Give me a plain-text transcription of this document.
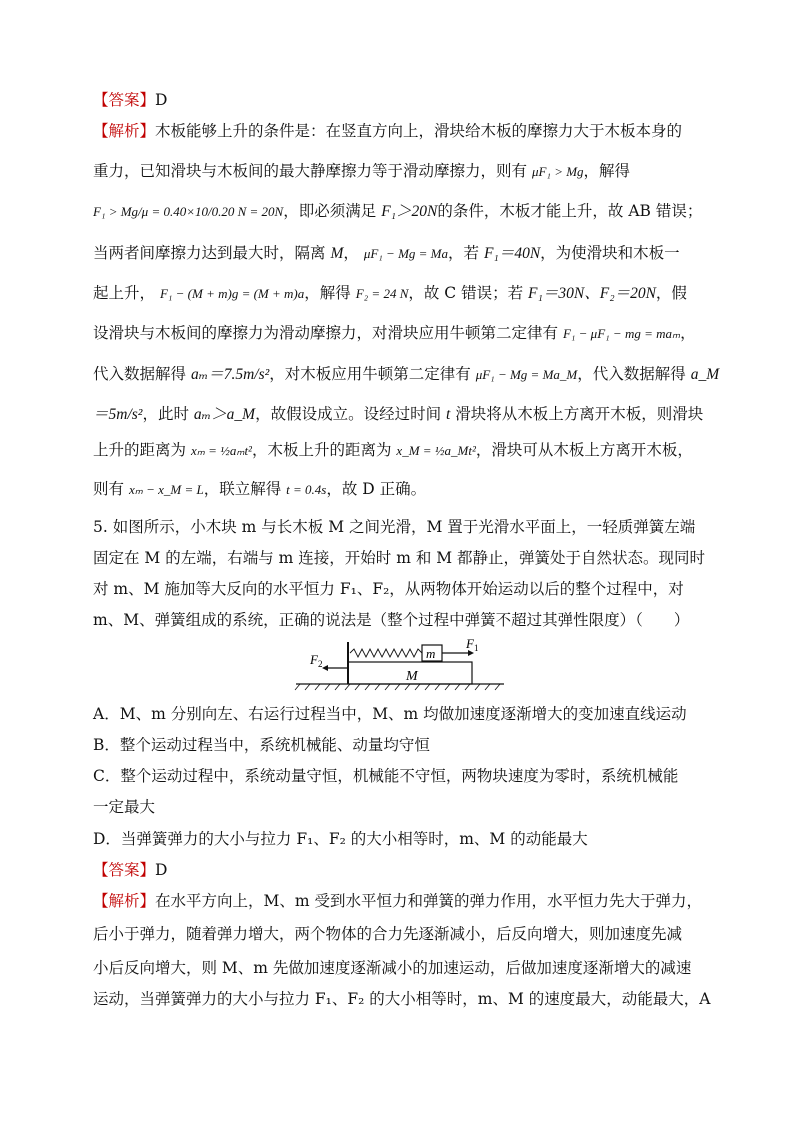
【答案】D
【解析】木板能够上升的条件是：在竖直方向上，滑块给木板的摩擦力大于木板本身的
重力，已知滑块与木板间的最大静摩擦力等于滑动摩擦力，则有 μF₁ > Mg，解得
F₁ > Mg/μ = 0.40×10/0.20 N = 20N，即必须满足 F₁＞20N的条件，木板才能上升，故 AB 错误；
当两者间摩擦力达到最大时，隔离 M， μF₁ − Mg = Ma，若 F₁＝40N，为使滑块和木板一
起上升， F₁ − (M + m)g = (M + m)a，解得 F₂ = 24 N，故 C 错误；若 F₁＝30N、F₂＝20N，假
设滑块与木板间的摩擦力为滑动摩擦力，对滑块应用牛顿第二定律有 F₁ − μF₁ − mg = maₘ，
代入数据解得 aₘ＝7.5m/s²，对木板应用牛顿第二定律有 μF₁ − Mg = Ma_M，代入数据解得 a_M
＝5m/s²，此时 aₘ＞a_M，故假设成立。设经过时间 t 滑块将从木板上方离开木板，则滑块
上升的距离为 xₘ = ½aₘt²，木板上升的距离为 x_M = ½a_Mt²，滑块可从木板上方离开木板，
则有 xₘ − x_M = L，联立解得 t = 0.4s，故 D 正确。
5. 如图所示，小木块 m 与长木板 M 之间光滑，M 置于光滑水平面上，一轻质弹簧左端
固定在 M 的左端，右端与 m 连接，开始时 m 和 M 都静止，弹簧处于自然状态。现同时
对 m、M 施加等大反向的水平恒力 F₁、F₂，从两物体开始运动以后的整个过程中，对
m、M、弹簧组成的系统，正确的说法是（整个过程中弹簧不超过其弹性限度）（　　）
m
M
$F_1$
$F_2$
A．M、m 分别向左、右运行过程当中，M、m 均做加速度逐渐增大的变加速直线运动
B．整个运动过程当中，系统机械能、动量均守恒
C．整个运动过程中，系统动量守恒，机械能不守恒，两物块速度为零时，系统机械能
一定最大
D．当弹簧弹力的大小与拉力 F₁、F₂ 的大小相等时，m、M 的动能最大
【答案】D
【解析】在水平方向上，M、m 受到水平恒力和弹簧的弹力作用，水平恒力先大于弹力，
后小于弹力，随着弹力增大，两个物体的合力先逐渐减小，后反向增大，则加速度先减
小后反向增大，则 M、m 先做加速度逐渐减小的加速运动，后做加速度逐渐增大的减速
运动，当弹簧弹力的大小与拉力 F₁、F₂ 的大小相等时，m、M 的速度最大，动能最大，A
